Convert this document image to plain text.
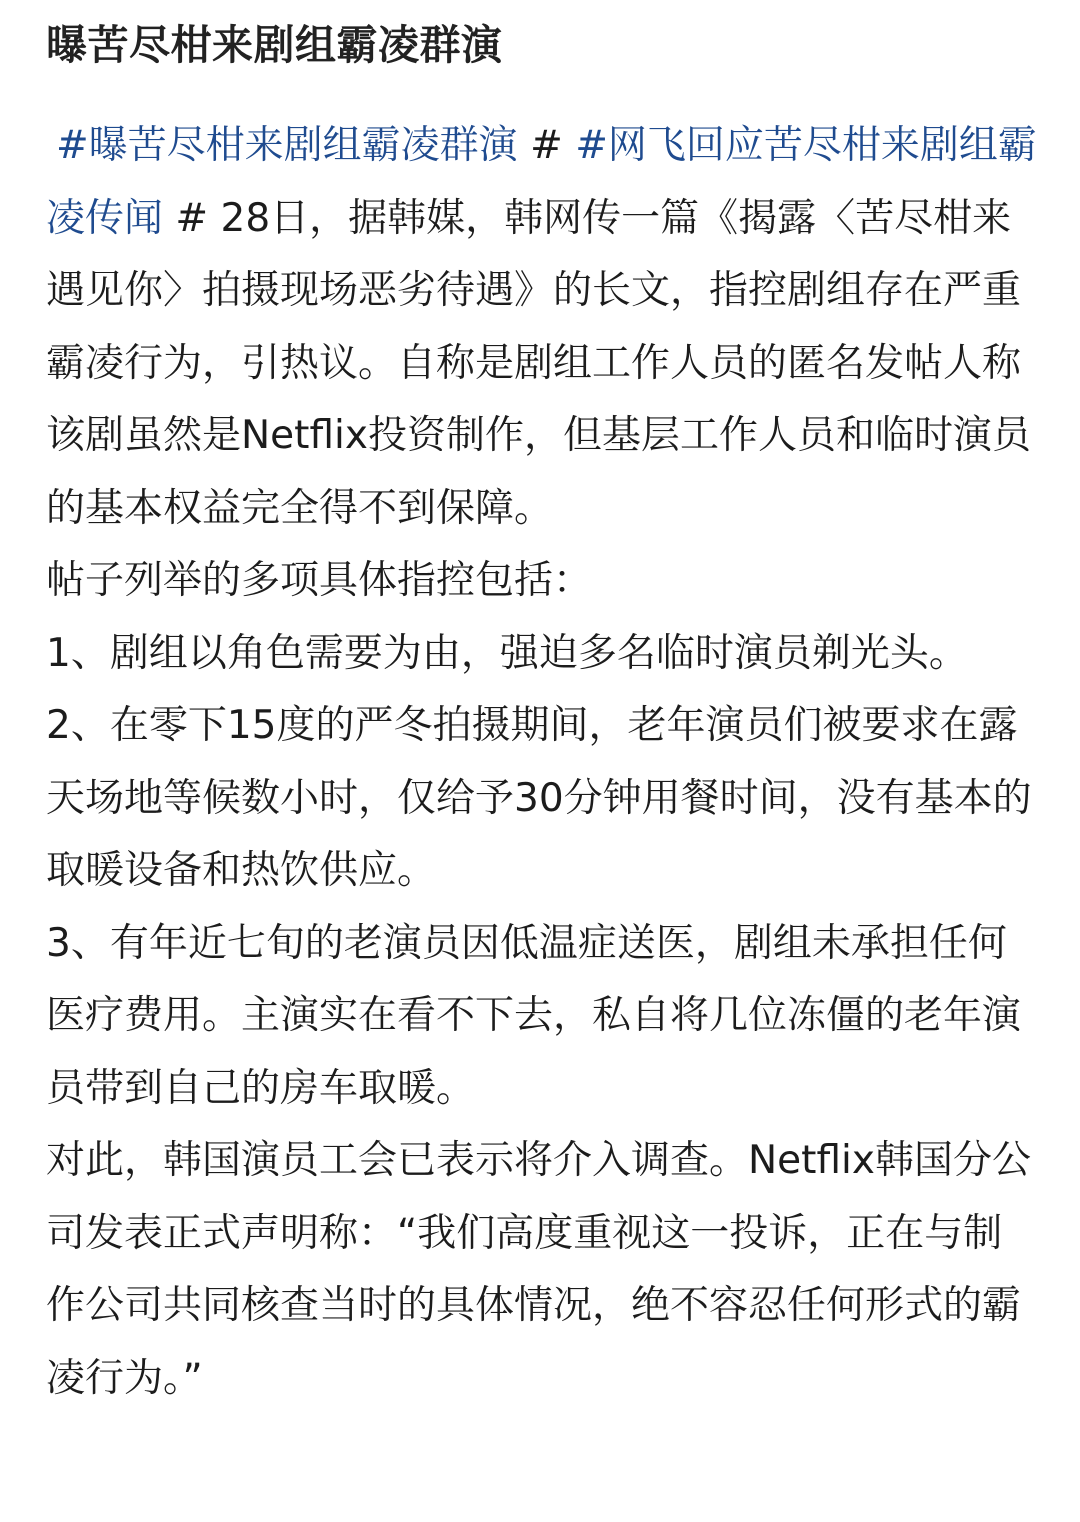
曝苦尽柑来剧组霸凌群演

#曝苦尽柑来剧组霸凌群演 # #网飞回应苦尽柑来剧组霸凌传闻 # 28日，据韩媒，韩网传一篇《揭露〈苦尽柑来遇见你〉拍摄现场恶劣待遇》的长文，指控剧组存在严重霸凌行为，引热议。自称是剧组工作人员的匿名发帖人称该剧虽然是Netflix投资制作，但基层工作人员和临时演员的基本权益完全得不到保障。

帖子列举的多项具体指控包括：

1、剧组以角色需要为由，强迫多名临时演员剃光头。

2、在零下15度的严冬拍摄期间，老年演员们被要求在露天场地等候数小时，仅给予30分钟用餐时间，没有基本的取暖设备和热饮供应。

3、有年近七旬的老演员因低温症送医，剧组未承担任何医疗费用。主演实在看不下去，私自将几位冻僵的老年演员带到自己的房车取暖。

对此，韩国演员工会已表示将介入调查。Netflix韩国分公司发表正式声明称：“我们高度重视这一投诉，正在与制作公司共同核查当时的具体情况，绝不容忍任何形式的霸凌行为。”
